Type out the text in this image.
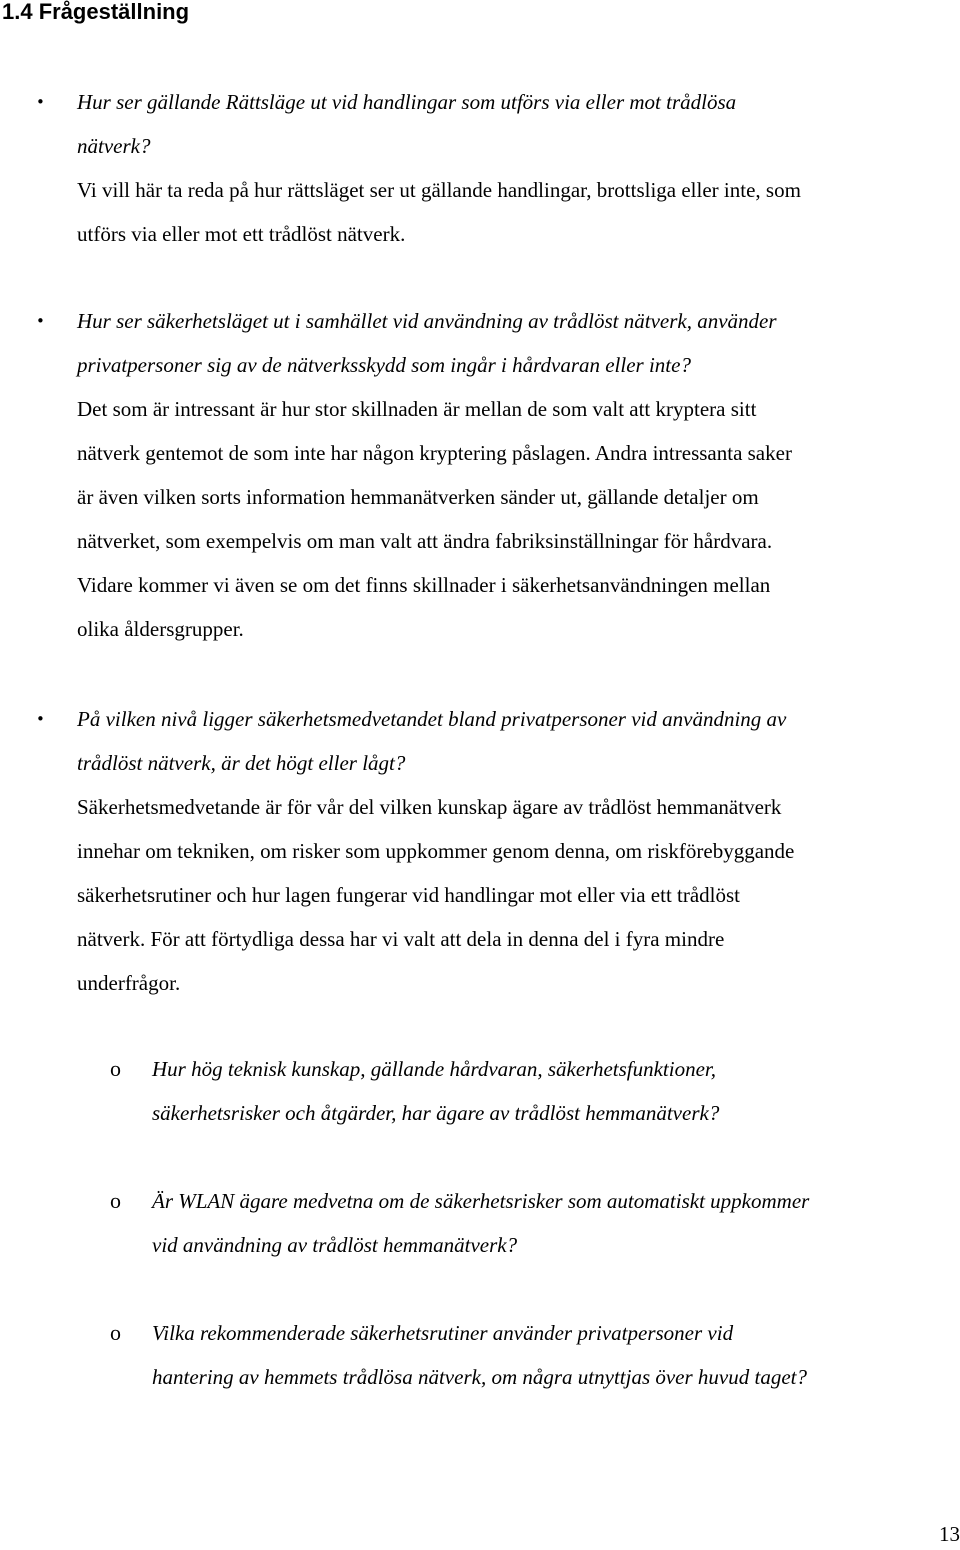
1.4 Frågeställning
• Hur ser gällande Rättsläge ut vid handlingar som utförs via eller mot trådlösa
nätverk?
Vi vill här ta reda på hur rättsläget ser ut gällande handlingar, brottsliga eller inte, som
utförs via eller mot ett trådlöst nätverk.

• Hur ser säkerhetsläget ut i samhället vid användning av trådlöst nätverk, använder
privatpersoner sig av de nätverksskydd som ingår i hårdvaran eller inte?
Det som är intressant är hur stor skillnaden är mellan de som valt att kryptera sitt
nätverk gentemot de som inte har någon kryptering påslagen. Andra intressanta saker
är även vilken sorts information hemmanätverken sänder ut, gällande detaljer om
nätverket, som exempelvis om man valt att ändra fabriksinställningar för hårdvara.
Vidare kommer vi även se om det finns skillnader i säkerhetsanvändningen mellan
olika åldersgrupper.

• På vilken nivå ligger säkerhetsmedvetandet bland privatpersoner vid användning av
trådlöst nätverk, är det högt eller lågt?
Säkerhetsmedvetande är för vår del vilken kunskap ägare av trådlöst hemmanätverk
innehar om tekniken, om risker som uppkommer genom denna, om riskförebyggande
säkerhetsrutiner och hur lagen fungerar vid handlingar mot eller via ett trådlöst
nätverk. För att förtydliga dessa har vi valt att dela in denna del i fyra mindre
underfrågor.

o Hur hög teknisk kunskap, gällande hårdvaran, säkerhetsfunktioner,
säkerhetsrisker och åtgärder, har ägare av trådlöst hemmanätverk?

o Är WLAN ägare medvetna om de säkerhetsrisker som automatiskt uppkommer
vid användning av trådlöst hemmanätverk?

o Vilka rekommenderade säkerhetsrutiner använder privatpersoner vid
hantering av hemmets trådlösa nätverk, om några utnyttjas över huvud taget?

13
